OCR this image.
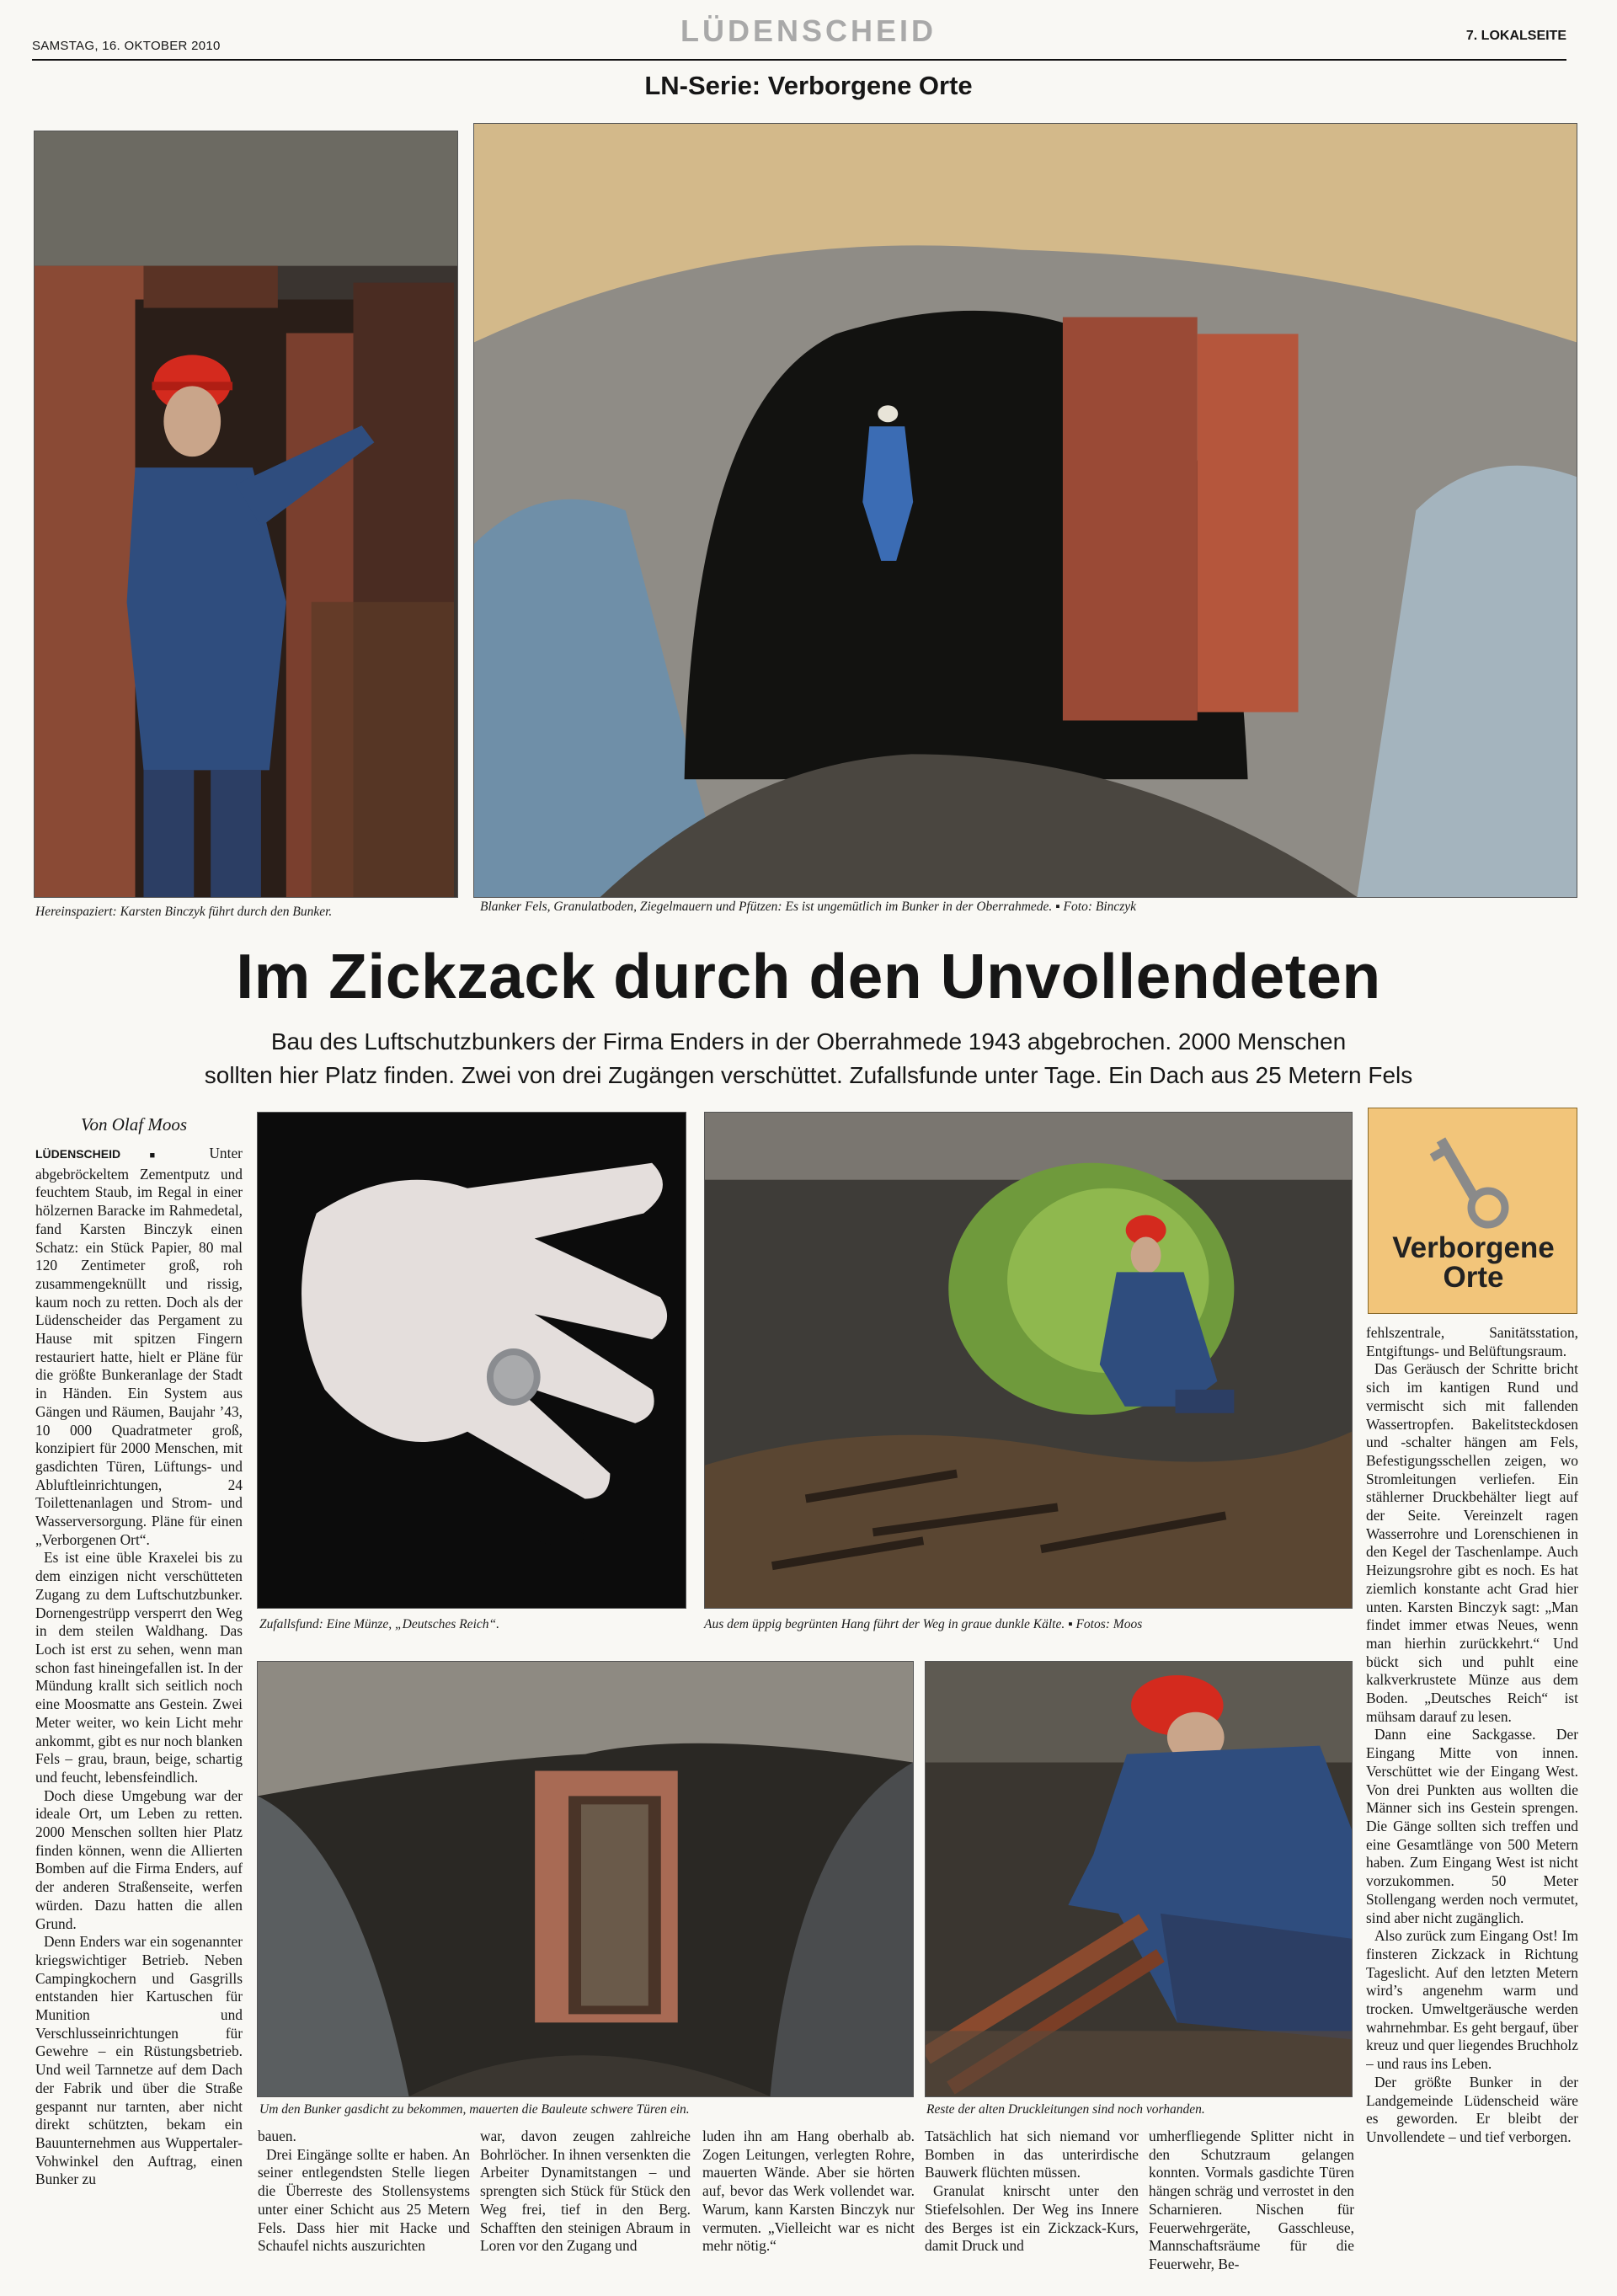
LÜDENSCHEID
SAMSTAG, 16. OKTOBER 2010
7. LOKALSEITE
LN-Serie: Verborgene Orte
Hereinspaziert: Karsten Binczyk führt durch den Bunker.	Blanker Fels, Granulatboden, Ziegelmauern und Pfützen: Es ist ungemütlich im Bunker in der Oberrahmede. ▪ Foto: Binczyk
Im Zickzack durch den Unvollendeten
Bau des Luftschutzbunkers der Firma Enders in der Oberrahmede 1943 abgebrochen. 2000 Menschen
sollten hier Platz finden. Zwei von drei Zugängen verschüttet. Zufallsfunde unter Tage. Ein Dach aus 25 Metern Fels
Von Olaf Moos

LÜDENSCHEID	■ Unter abgebröckeltem Zementputz und feuchtem Staub, im Regal in einer hölzernen Baracke im Rahmedetal, fand Karsten Binczyk einen Schatz: ein Stück Papier, 80 mal 120 Zentimeter groß, roh zusammengeknüllt und rissig, kaum noch zu retten. Doch als der Lüdenscheider das Pergament zu Hause mit spitzen Fingern restauriert hatte, hielt er Pläne für die größte Bunkeranlage der Stadt in Händen. Ein System aus Gängen und Räumen, Baujahr ’43, 10 000 Quadratmeter groß, konzipiert für 2000 Menschen, mit gasdichten Türen, Lüftungs- und Abluftleinrichtungen, 24 Toilettenanlagen und Strom- und Wasserversorgung. Pläne für einen „Verborgenen Ort“.

Es ist eine üble Kraxelei bis zu dem einzigen nicht verschütteten Zugang zu dem Luftschutzbunker. Dornengestrüpp versperrt den Weg in dem steilen Waldhang. Das Loch ist erst zu sehen, wenn man schon fast hineingefallen ist. In der Mündung krallt sich seitlich noch eine Moosmatte ans Gestein. Zwei Meter weiter, wo kein Licht mehr ankommt, gibt es nur noch blanken Fels – grau, braun, beige, schartig und feucht, lebensfeindlich.

Doch diese Umgebung war der ideale Ort, um Leben zu retten. 2000 Menschen sollten hier Platz finden können, wenn die Allierten Bomben auf die Firma Enders, auf der anderen Straßenseite, werfen würden. Dazu hatten die allen Grund.

Denn Enders war ein sogenannter kriegswichtiger Betrieb. Neben Campingkochern und Gasgrills entstanden hier Kartuschen für Munition und Verschlusseinrichtungen für Gewehre – ein Rüstungsbetrieb. Und weil Tarnnetze auf dem Dach der Fabrik und über die Straße gespannt nur tarnten, aber nicht direkt schützten, bekam ein Bauunternehmen aus Wuppertaler-Vohwinkel den Auftrag, einen Bunker zu

Zufallsfund: Eine Münze, „Deutsches Reich“.	Aus dem üppig begrünten Hang führt der Weg in graue dunkle Kälte. ▪ Fotos: Moos
Verborgene
Orte

fehlszentrale, Sanitätsstation, Entgiftungs- und Belüftungsraum.

Das Geräusch der Schritte bricht sich im kantigen Rund und vermischt sich mit fallenden Wassertropfen. Bakelitsteckdosen und -schalter hängen am Fels, Befestigungsschellen zeigen, wo Stromleitungen verliefen. Ein stählerner Druckbehälter liegt auf der Seite. Vereinzelt ragen Wasserrohre und Lorenschienen in den Kegel der Taschenlampe. Auch Heizungsrohre gibt es noch. Es hat ziemlich konstante acht Grad hier unten. Karsten Binczyk sagt: „Man findet immer etwas Neues, wenn man hierhin zurückkehrt.“ Und bückt sich und puhlt eine kalkverkrustete Münze aus dem Boden. „Deutsches Reich“ ist mühsam darauf zu lesen.

Dann eine Sackgasse. Der Eingang Mitte von innen. Verschüttet wie der Eingang West. Von drei Punkten aus wollten die Männer sich ins Gestein sprengen. Die Gänge sollten sich treffen und eine Gesamtlänge von 500 Metern haben. Zum Eingang West ist nicht vorzukommen. 50 Meter Stollengang werden noch vermutet, sind aber nicht zugänglich.

Also zurück zum Eingang Ost! Im finsteren Zickzack in Richtung Tageslicht. Auf den letzten Metern wird’s angenehm warm und trocken. Umweltgeräusche werden wahrnehmbar. Es geht bergauf, über kreuz und quer liegendes Bruchholz – und raus ins Leben.

Der größte Bunker in der Landgemeinde Lüdenscheid wäre es geworden. Er bleibt der Unvollendete – und tief verborgen.

Um den Bunker gasdicht zu bekommen, mauerten die Bauleute schwere Türen ein.	Reste der alten Druckleitungen sind noch vorhanden.

bauen.

Drei Eingänge sollte er haben. An seiner entlegendsten Stelle liegen die Überreste des Stollensystems unter einer Schicht aus 25 Metern Fels. Dass hier mit Hacke und Schaufel nichts auszurichten

war, davon zeugen zahlreiche Bohrlöcher. In ihnen versenkten die Arbeiter Dynamitstangen – und sprengten sich Stück für Stück den Weg frei, tief in den Berg. Schafften den steinigen Abraum in Loren vor den Zugang und

luden ihn am Hang oberhalb ab. Zogen Leitungen, verlegten Rohre, mauerten Wände. Aber sie hörten auf, bevor das Werk vollendet war. Warum, kann Karsten Binczyk nur vermuten. „Vielleicht war es nicht mehr nötig.“

Tatsächlich hat sich niemand vor Bomben in das unterirdische Bauwerk flüchten müssen.

Granulat knirscht unter den Stiefelsohlen. Der Weg ins Innere des Berges ist ein Zickzack-Kurs, damit Druck und

umherfliegende Splitter nicht in den Schutzraum gelangen konnten. Vormals gasdichte Türen hängen schräg und verrostet in den Scharnieren. Nischen für Feuerwehrgeräte, Gasschleuse, Mannschaftsräume für die Feuerwehr, Be-
